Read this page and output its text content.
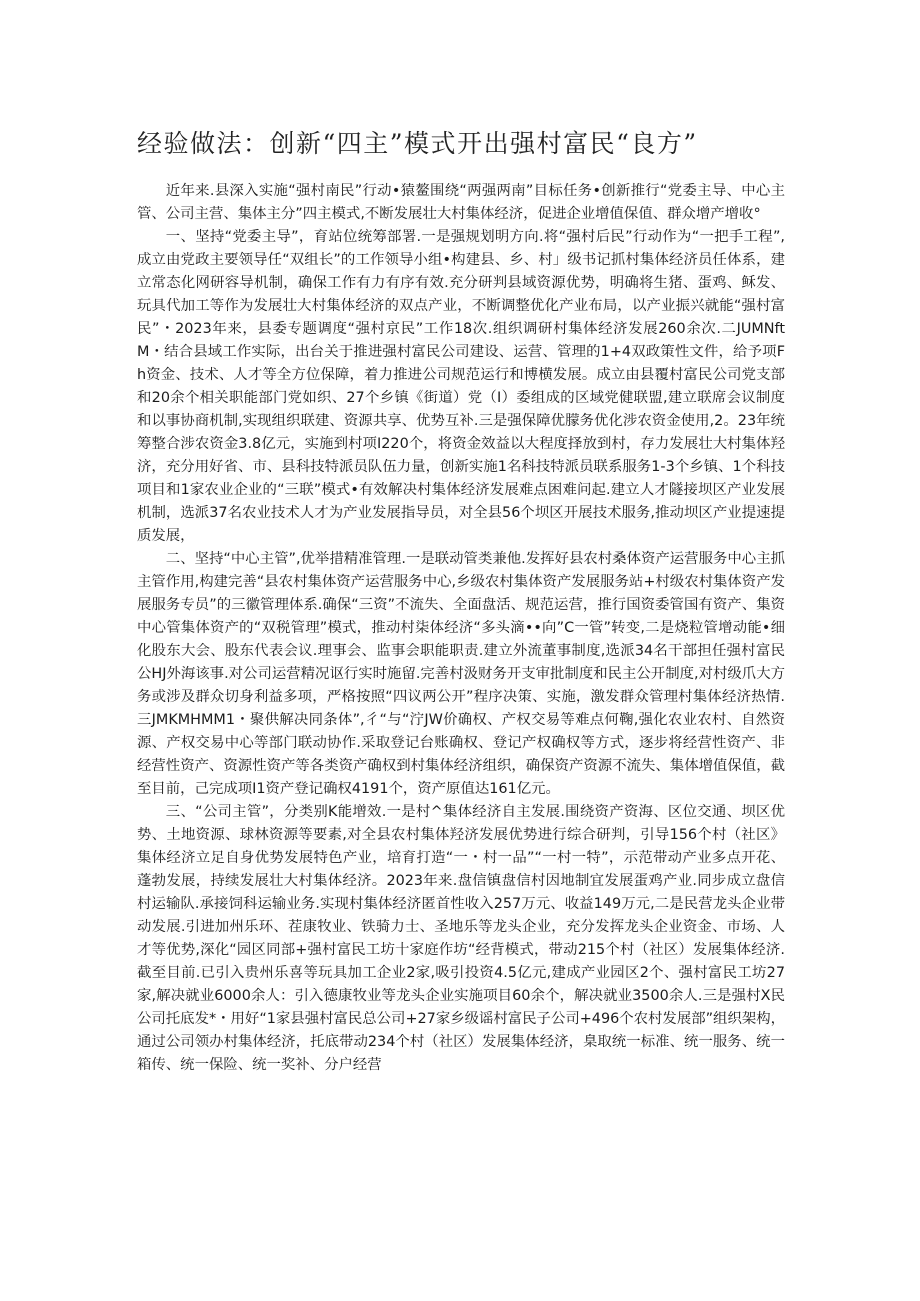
经验做法：创新“四主”模式开出强村富民“良方”

近年来.县深入实施“强村南民”行动•猿鳌围绕“两强两南”目标任务•创新推行“党委主导、中心主管、公司主营、集体主分”四主模式,不断发展壮大村集体经济，促进企业增值保值、群众增产增收°

一、坚持“党委主导”，育站位统筹部署.一是强规划明方向.将“强村后民”行动作为“一把手工程”,成立由党政主要领导任“双组长”的工作领导小组•构建县、乡、村」级书记抓村集体经济员任体系，建立常态化网研容导机制，确保工作有力有序有效.充分研判县域资源优势，明确将生猪、蛋鸡、稣发、玩具代加工等作为发展壮大村集体经济的双点产业，不断调整优化产业布局，以产业振兴就能“强村富民”・2023年来，县委专题调度“强村京民”工作18次.组织调研村集体经济发展260余次.二JUMNftM・结合县域工作实际，出台关于推进强村富民公司建设、运营、管理的1+4双政策性文件，给予项Fh资金、技术、人才等全方位保障，着力推进公司规范运行和博横发展。成立由县覆村富民公司党支部和20余个相关职能部门党如织、27个乡镇《街道）党（I）委组成的区域党健联盟,建立联席会议制度和以事协商机制,实现组织联建、资源共享、优势互补.三是强保障优朦务优化涉农资金使用,2。23年统筹整合涉农资金3.8亿元，实施到村项I220个，将资金效益以大程度择放到村，存力发展壮大村集体羟济，充分用好省、市、县科技特派员队伍力量，创新实施1名科技特派员联系服务1-3个乡镇、1个科技项目和1家农业企业的“三联”模式•有效解决村集体经济发展难点困难问起.建立人才隧接坝区产业发展机制，选派37名农业技术人才为产业发展指导员，对全县56个坝区开展技术服务,推动坝区产业提速提质发展，

二、坚持“中心主管”,优举措精准管理.一是联动管类兼他.发挥好县农村桑体资产运营服务中心主抓主管作用,构建完善“县农村集体资产运营服务中心,乡级农村集体资产发展服务站+村级农村集体资产发展服务专员”的三徽管理体系.确保“三资”不流失、全面盘活、规范运营，推行国资委管国有资产、集资中心管集体资产的“双税管理”模式，推动村柒体经济“多头滴••向”C一管”转变,二是烧粒管增动能•细化股东大会、股东代表会议.理事会、监事会职能职责.建立外流董事制度,选派34名干部担任强村富民公HJ外海该事.对公司运营精况讴行实时施留.完善村汲财务开支审批制度和民主公开制度,对村级爪大方务或涉及群众切身利益多项，严格按照“四议两公开”程序决策、实施，激发群众管理村集体经济热情.三JMKMHMM1・聚供解决同条体”,彳“与“泞JW价确权、产权交易等难点何鞠,强化农业农村、自然资源、产权交易中心等部门联动协作.采取登记台账确权、登记产权确权等方式，逐步将经营性资产、非经营性资产、资源性资产等各类资产确权到村集体经济组织，确保资产资源不流失、集体增值保值，截至目前，己完成项I1资产登记确权4191个，资产原值达161亿元。

三、“公司主管”，分类别K能增效.一是村^集体经济自主发展.围绕资产资海、区位交通、坝区优势、土地资源、球林资源等要素,对全县农村集体羟济发展优势进行综合研判，引导156个村（社区》集体经济立足自身优势发展特色产业，培育打造“一・村一品”“一村一特”，示范带动产业多点开花、蓬勃发展，持续发展壮大村集体经济。2023年来.盘信镇盘信村因地制宜发展蛋鸡产业.同步成立盘信村运输队.承接饲科运输业务.实现村集体经济匿首性收入257万元、收益149万元,二是民营龙头企业带动发展.引进加州乐环、茬康牧业、铁骑力士、圣地乐等龙头企业，充分发挥龙头企业资金、市场、人才等优势,深化“园区同部+强村富民工坊十家庭作坊“经背模式，带动215个村（社区）发展集体经济.截至目前.已引入贵州乐喜等玩具加工企业2家,吸引投资4.5亿元,建成产业园区2个、强村富民工坊27家,解决就业6000余人：引入德康牧业等龙头企业实施项目60余个，解决就业3500余人.三是强村X民公司托底发*・用好“1家县强村富民总公司+27家乡级谣村富民子公司+496个农村发展部”组织架构，通过公司领办村集体经济，托底带动234个村（社区）发展集体经济，臬取统一标准、统一服务、统一箱传、统一保险、统一奖补、分户经营
